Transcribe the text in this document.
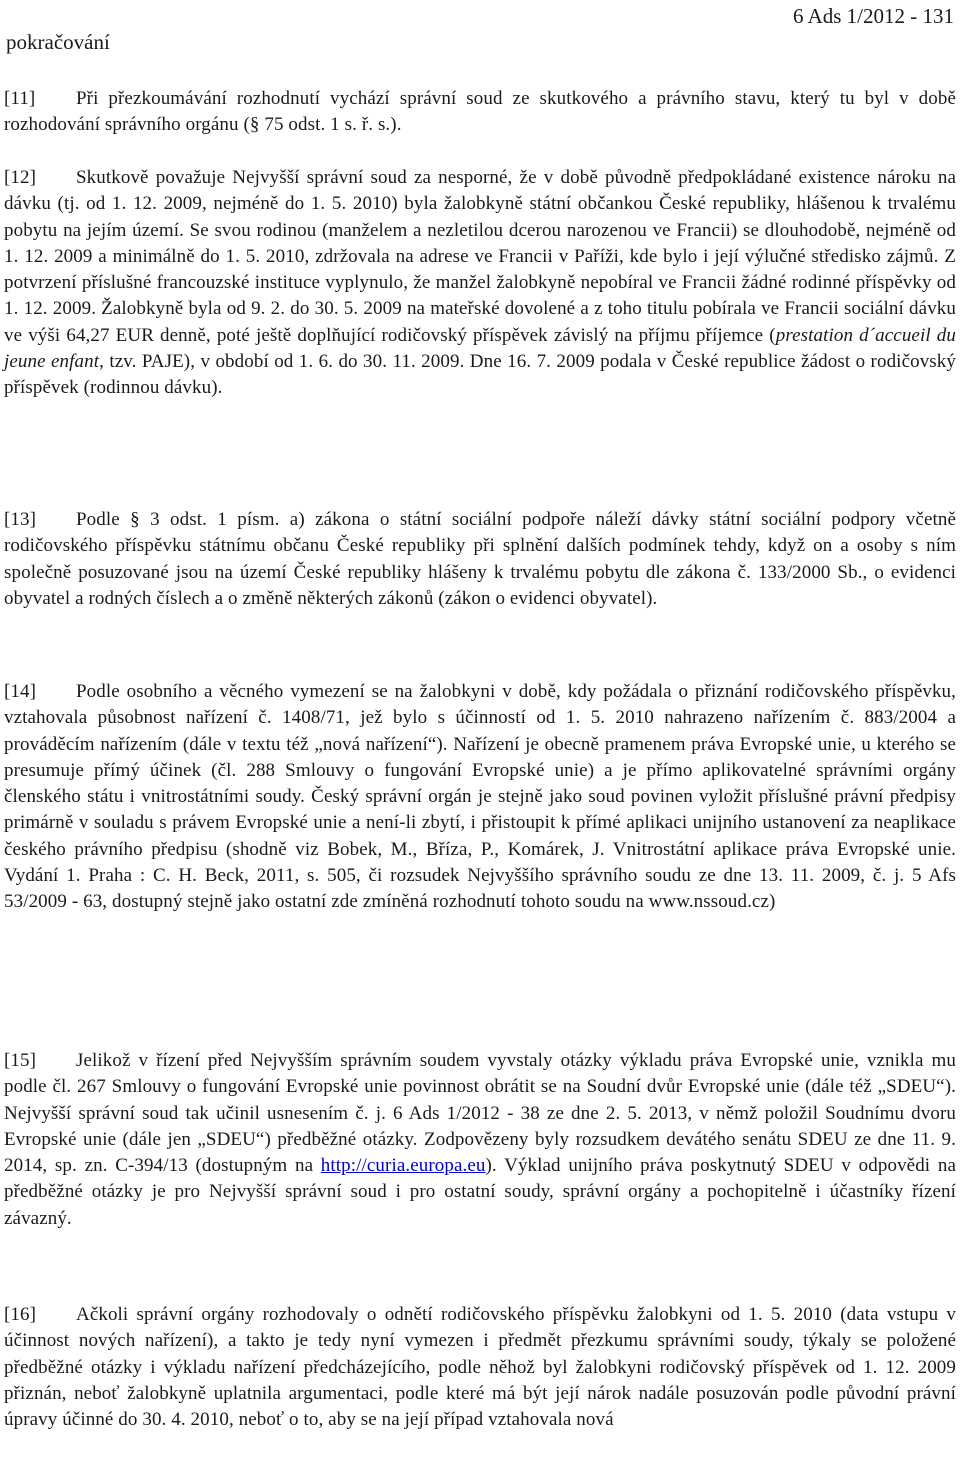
pokračování
6 Ads 1/2012 - 131
[11] Při přezkoumávání rozhodnutí vychází správní soud ze skutkového a právního stavu, který tu byl v době rozhodování správního orgánu (§ 75 odst. 1 s. ř. s.).
[12] Skutkově považuje Nejvyšší správní soud za nesporné, že v době původně předpokládané existence nároku na dávku (tj. od 1. 12. 2009, nejméně do 1. 5. 2010) byla žalobkyně státní občankou České republiky, hlášenou k trvalému pobytu na jejím území. Se svou rodinou (manželem a nezletilou dcerou narozenou ve Francii) se dlouhodobě, nejméně od 1. 12. 2009 a minimálně do 1. 5. 2010, zdržovala na adrese ve Francii v Paříži, kde bylo i její výlučné středisko zájmů. Z potvrzení příslušné francouzské instituce vyplynulo, že manžel žalobkyně nepobíral ve Francii žádné rodinné příspěvky od 1. 12. 2009. Žalobkyně byla od 9. 2. do 30. 5. 2009 na mateřské dovolené a z toho titulu pobírala ve Francii sociální dávku ve výši 64,27 EUR denně, poté ještě doplňující rodičovský příspěvek závislý na příjmu příjemce (prestation d´accueil du jeune enfant, tzv. PAJE), v období od 1. 6. do 30. 11. 2009. Dne 16. 7. 2009 podala v České republice žádost o rodičovský příspěvek (rodinnou dávku).
[13] Podle § 3 odst. 1 písm. a) zákona o státní sociální podpoře náleží dávky státní sociální podpory včetně rodičovského příspěvku státnímu občanu České republiky při splnění dalších podmínek tehdy, když on a osoby s ním společně posuzované jsou na území České republiky hlášeny k trvalému pobytu dle zákona č. 133/2000 Sb., o evidenci obyvatel a rodných číslech a o změně některých zákonů (zákon o evidenci obyvatel).
[14] Podle osobního a věcného vymezení se na žalobkyni v době, kdy požádala o přiznání rodičovského příspěvku, vztahovala působnost nařízení č. 1408/71, jež bylo s účinností od 1. 5. 2010 nahrazeno nařízením č. 883/2004 a prováděcím nařízením (dále v textu též „nová nařízení“). Nařízení je obecně pramenem práva Evropské unie, u kterého se presumuje přímý účinek (čl. 288 Smlouvy o fungování Evropské unie) a je přímo aplikovatelné správními orgány členského státu i vnitrostátními soudy. Český správní orgán je stejně jako soud povinen vyložit příslušné právní předpisy primárně v souladu s právem Evropské unie a není-li zbytí, i přistoupit k přímé aplikaci unijního ustanovení za neaplikace českého právního předpisu (shodně viz Bobek, M., Bříza, P., Komárek, J. Vnitrostátní aplikace práva Evropské unie. Vydání 1. Praha : C. H. Beck, 2011, s. 505, či rozsudek Nejvyššího správního soudu ze dne 13. 11. 2009, č. j. 5 Afs 53/2009 - 63, dostupný stejně jako ostatní zde zmíněná rozhodnutí tohoto soudu na www.nssoud.cz)
[15] Jelikož v řízení před Nejvyšším správním soudem vyvstaly otázky výkladu práva Evropské unie, vznikla mu podle čl. 267 Smlouvy o fungování Evropské unie povinnost obrátit se na Soudní dvůr Evropské unie (dále též „SDEU“). Nejvyšší správní soud tak učinil usnesením č. j. 6 Ads 1/2012 - 38 ze dne 2. 5. 2013, v němž položil Soudnímu dvoru Evropské unie (dále jen „SDEU“) předběžné otázky. Zodpovězeny byly rozsudkem devátého senátu SDEU ze dne 11. 9. 2014, sp. zn. C-394/13 (dostupným na http://curia.europa.eu). Výklad unijního práva poskytnutý SDEU v odpovědi na předběžné otázky je pro Nejvyšší správní soud i pro ostatní soudy, správní orgány a pochopitelně i účastníky řízení závazný.
[16] Ačkoli správní orgány rozhodovaly o odnětí rodičovského příspěvku žalobkyni od 1. 5. 2010 (data vstupu v účinnost nových nařízení), a takto je tedy nyní vymezen i předmět přezkumu správními soudy, týkaly se položené předběžné otázky i výkladu nařízení předcházejícího, podle něhož byl žalobkyni rodičovský příspěvek od 1. 12. 2009 přiznán, neboť žalobkyně uplatnila argumentaci, podle které má být její nárok nadále posuzován podle původní právní úpravy účinné do 30. 4. 2010, neboť o to, aby se na její případ vztahovala nová
